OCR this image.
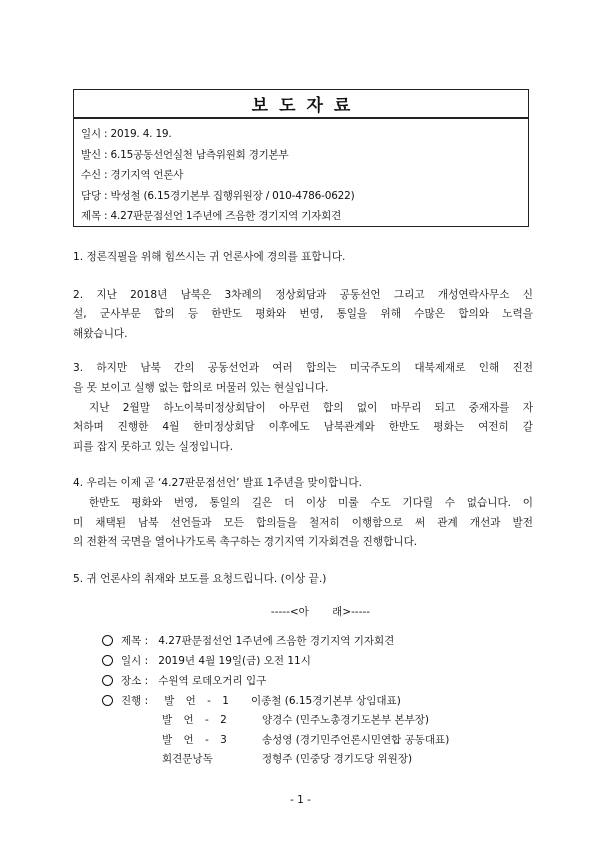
보도자료
일시 : 2019. 4. 19.
발신 : 6.15공동선언실천 남측위원회 경기본부
수신 : 경기지역 언론사
담당 : 박성철 (6.15경기본부 집행위원장 / 010-4786-0622)
제목 : 4.27판문점선언 1주년에 즈음한 경기지역 기자회견
1. 정론직필을 위해 힘쓰시는 귀 언론사에 경의를 표합니다.
2. 지난 2018년 남북은 3차례의 정상회담과 공동선언 그리고 개성연락사무소 신
설, 군사부문 합의 등 한반도 평화와 번영, 통일을 위해 수많은 합의와 노력을
해왔습니다.
3. 하지만 남북 간의 공동선언과 여러 합의는 미국주도의 대북제재로 인해 진전
을 못 보이고 실행 없는 합의로 머물러 있는 현실입니다.
지난 2월말 하노이북미정상회담이 아무런 합의 없이 마무리 되고 중재자를 자
처하며 진행한 4월 한미정상회담 이후에도 남북관계와 한반도 평화는 여전히 갈
피를 잡지 못하고 있는 실정입니다.
4. 우리는 이제 곧 ‘4.27판문점선언’ 발표 1주년을 맞이합니다.
한반도 평화와 번영, 통일의 길은 더 이상 미룰 수도 기다릴 수 없습니다. 이
미 채택된 남북 선언들과 모든 합의들을 철저히 이행함으로 써 관계 개선과 발전
의 전환적 국면을 열어나가도록 촉구하는 경기지역 기자회견을 진행합니다.
5. 귀 언론사의 취재와 보도를 요청드립니다. (이상 끝.)
-----<아       래>-----
제목 : 4.27판문점선언 1주년에 즈음한 경기지역 기자회견
일시 : 2019년 4월 19일(금) 오전 11시
장소 : 수원역 로데오거리 입구
진행 :	발 언 - 1 이종철 (6.15경기본부 상임대표)
발 언 - 2	양경수 (민주노총경기도본부 본부장)
발 언 - 3	송성영 (경기민주언론시민연합 공동대표)
회견문낭독	정형주 (민중당 경기도당 위원장)
- 1 -
